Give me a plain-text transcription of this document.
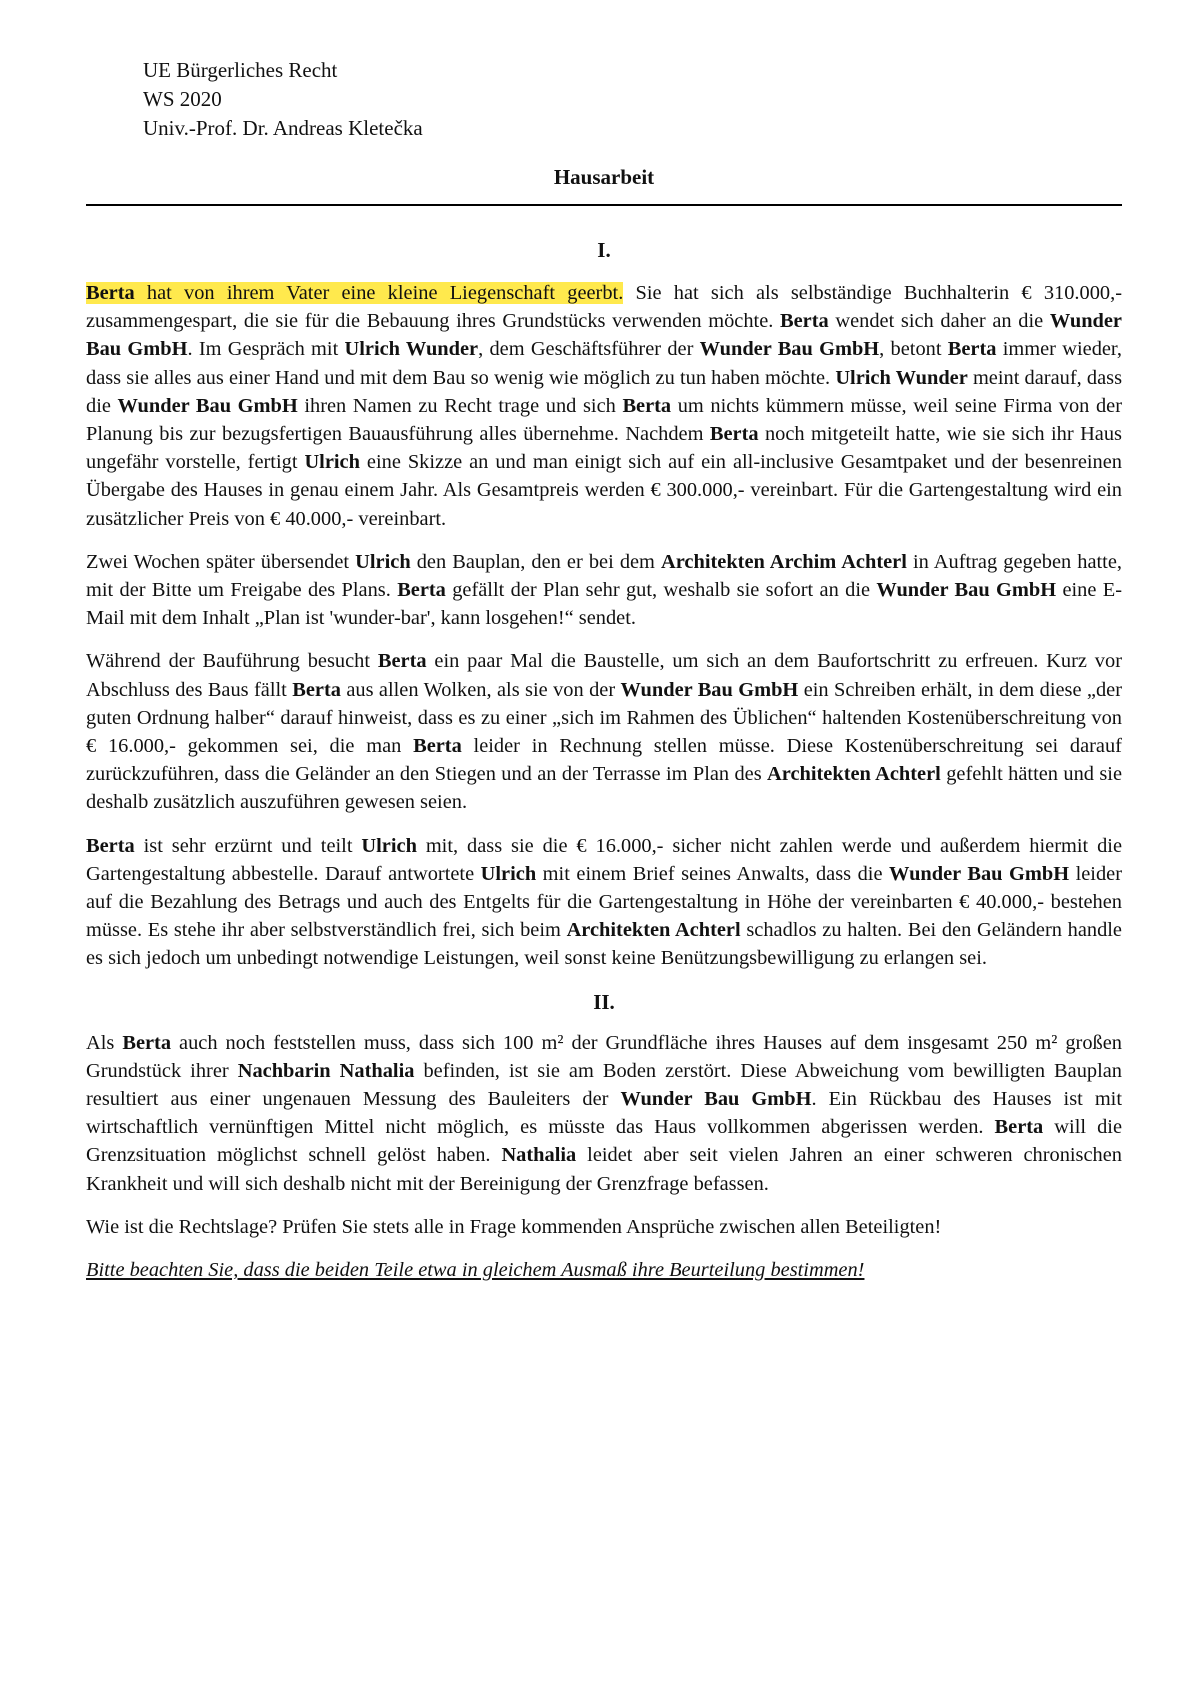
UE Bürgerliches Recht
WS 2020
Univ.-Prof. Dr. Andreas Kletečka
Hausarbeit
I.

Berta hat von ihrem Vater eine kleine Liegenschaft geerbt. Sie hat sich als selbständige Buchhalterin € 310.000,- zusammengespart, die sie für die Bebauung ihres Grundstücks verwenden möchte. Berta wendet sich daher an die Wunder Bau GmbH. Im Gespräch mit Ulrich Wunder, dem Geschäftsführer der Wunder Bau GmbH, betont Berta immer wieder, dass sie alles aus einer Hand und mit dem Bau so wenig wie möglich zu tun haben möchte. Ulrich Wunder meint darauf, dass die Wunder Bau GmbH ihren Namen zu Recht trage und sich Berta um nichts kümmern müsse, weil seine Firma von der Planung bis zur bezugsfertigen Bauausführung alles übernehme. Nachdem Berta noch mitgeteilt hatte, wie sie sich ihr Haus ungefähr vorstelle, fertigt Ulrich eine Skizze an und man einigt sich auf ein all-inclusive Gesamtpaket und der besenreinen Übergabe des Hauses in genau einem Jahr. Als Gesamtpreis werden € 300.000,- vereinbart. Für die Gartengestaltung wird ein zusätzlicher Preis von € 40.000,- vereinbart.

Zwei Wochen später übersendet Ulrich den Bauplan, den er bei dem Architekten Archim Achterl in Auftrag gegeben hatte, mit der Bitte um Freigabe des Plans. Berta gefällt der Plan sehr gut, weshalb sie sofort an die Wunder Bau GmbH eine E-Mail mit dem Inhalt „Plan ist 'wunder-bar', kann losgehen!“ sendet.

Während der Bauführung besucht Berta ein paar Mal die Baustelle, um sich an dem Baufortschritt zu erfreuen. Kurz vor Abschluss des Baus fällt Berta aus allen Wolken, als sie von der Wunder Bau GmbH ein Schreiben erhält, in dem diese „der guten Ordnung halber“ darauf hinweist, dass es zu einer „sich im Rahmen des Üblichen“ haltenden Kostenüberschreitung von € 16.000,- gekommen sei, die man Berta leider in Rechnung stellen müsse. Diese Kostenüberschreitung sei darauf zurückzuführen, dass die Geländer an den Stiegen und an der Terrasse im Plan des Architekten Achterl gefehlt hätten und sie deshalb zusätzlich auszuführen gewesen seien.

Berta ist sehr erzürnt und teilt Ulrich mit, dass sie die € 16.000,- sicher nicht zahlen werde und außerdem hiermit die Gartengestaltung abbestelle. Darauf antwortete Ulrich mit einem Brief seines Anwalts, dass die Wunder Bau GmbH leider auf die Bezahlung des Betrags und auch des Entgelts für die Gartengestaltung in Höhe der vereinbarten € 40.000,- bestehen müsse. Es stehe ihr aber selbstverständlich frei, sich beim Architekten Achterl schadlos zu halten. Bei den Geländern handle es sich jedoch um unbedingt notwendige Leistungen, weil sonst keine Benützungsbewilligung zu erlangen sei.

II.

Als Berta auch noch feststellen muss, dass sich 100 m² der Grundfläche ihres Hauses auf dem insgesamt 250 m² großen Grundstück ihrer Nachbarin Nathalia befinden, ist sie am Boden zerstört. Diese Abweichung vom bewilligten Bauplan resultiert aus einer ungenauen Messung des Bauleiters der Wunder Bau GmbH. Ein Rückbau des Hauses ist mit wirtschaftlich vernünftigen Mittel nicht möglich, es müsste das Haus vollkommen abgerissen werden. Berta will die Grenzsituation möglichst schnell gelöst haben. Nathalia leidet aber seit vielen Jahren an einer schweren chronischen Krankheit und will sich deshalb nicht mit der Bereinigung der Grenzfrage befassen.

Wie ist die Rechtslage? Prüfen Sie stets alle in Frage kommenden Ansprüche zwischen allen Beteiligten!

Bitte beachten Sie, dass die beiden Teile etwa in gleichem Ausmaß ihre Beurteilung bestimmen!
